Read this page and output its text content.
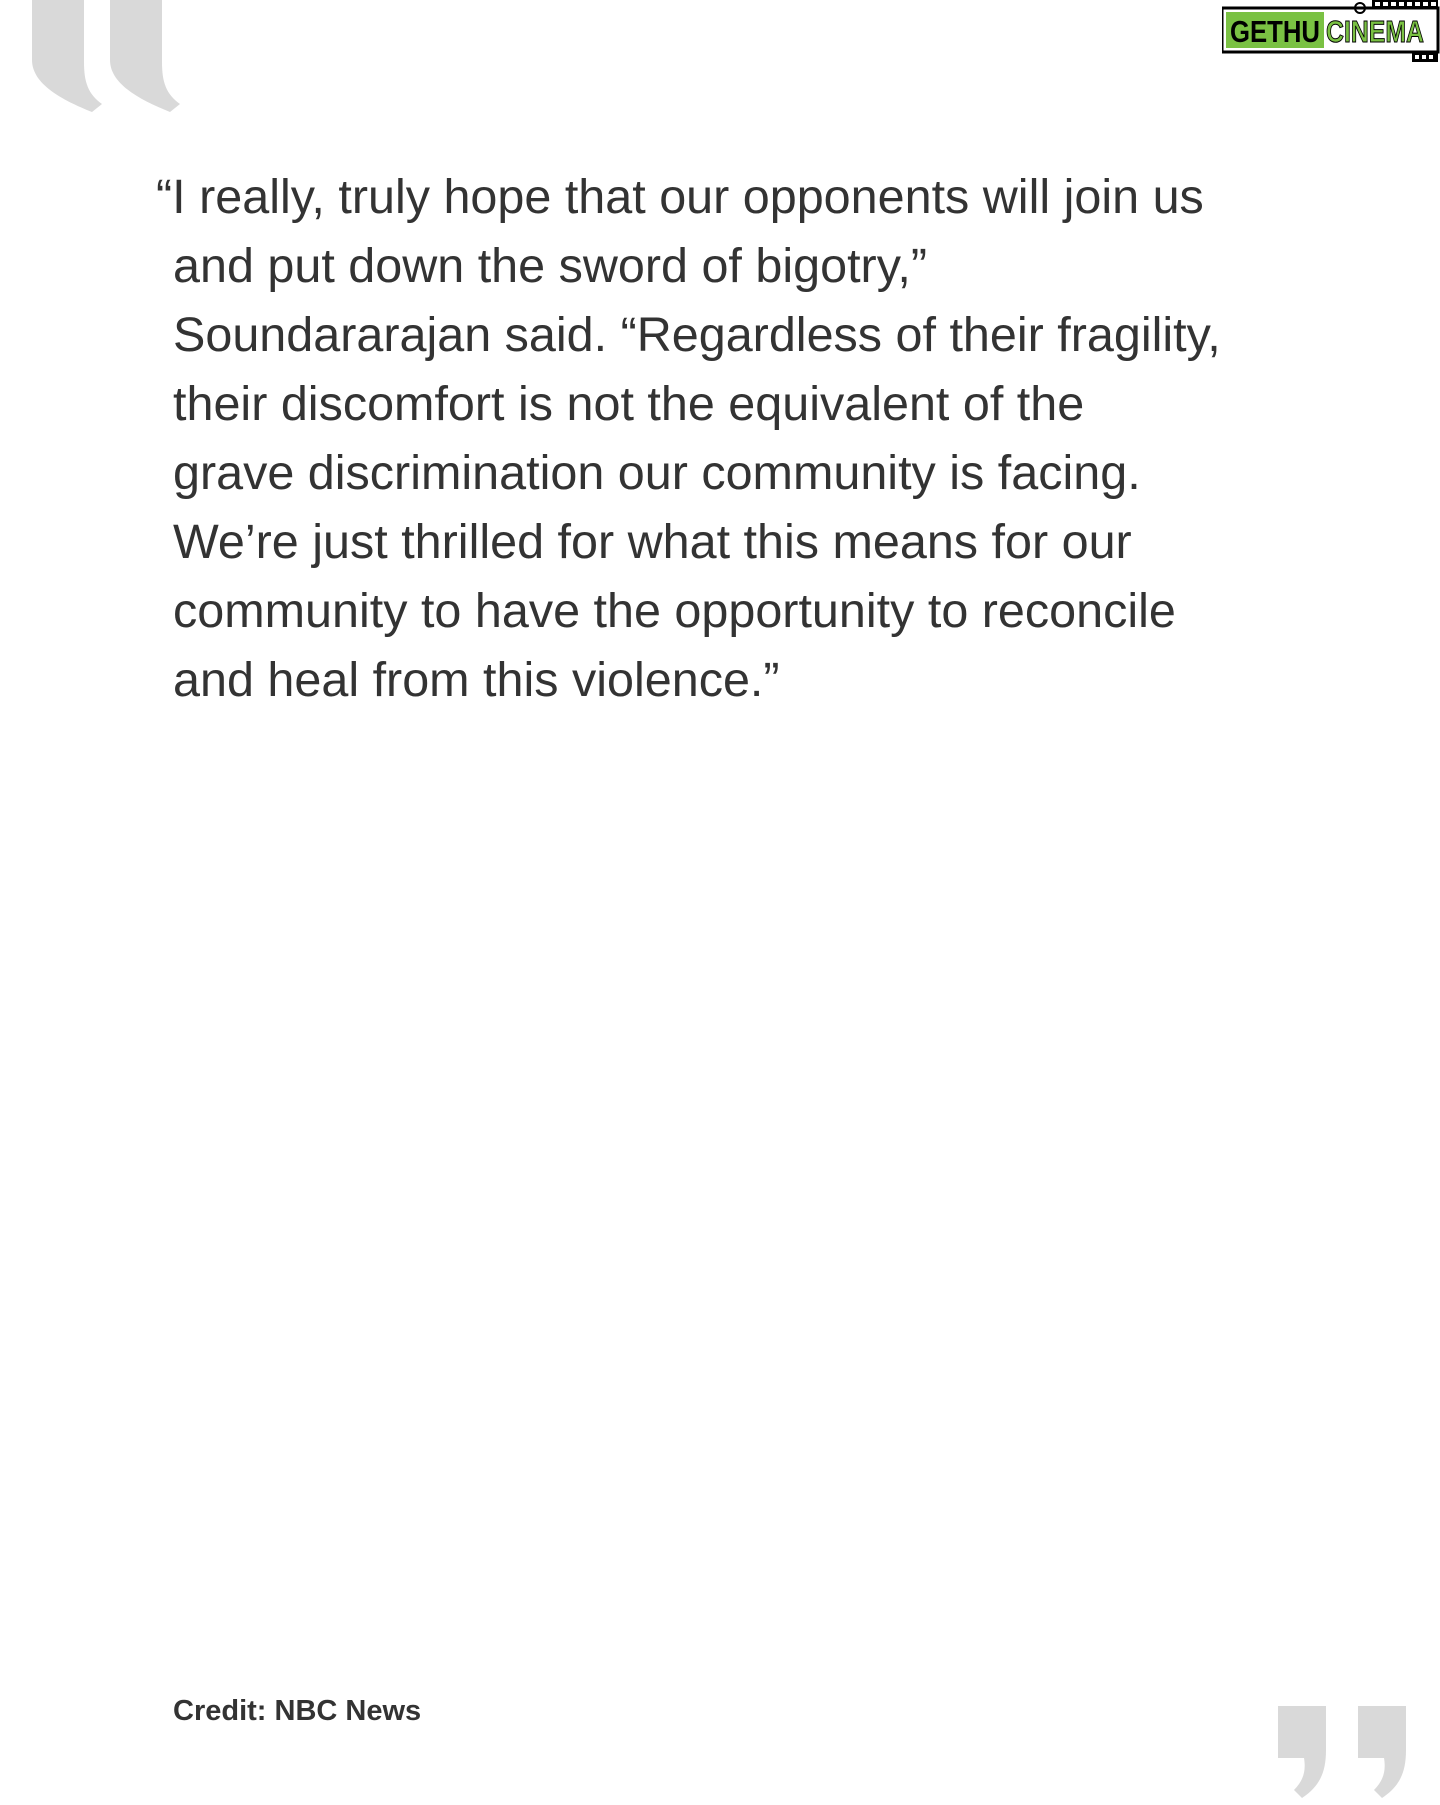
GETHU CINEMA

“I really, truly hope that our opponents will join us
and put down the sword of bigotry,”
Soundararajan said. “Regardless of their fragility,
their discomfort is not the equivalent of the
grave discrimination our community is facing.
We’re just thrilled for what this means for our
community to have the opportunity to reconcile
and heal from this violence.”

Credit: NBC News
